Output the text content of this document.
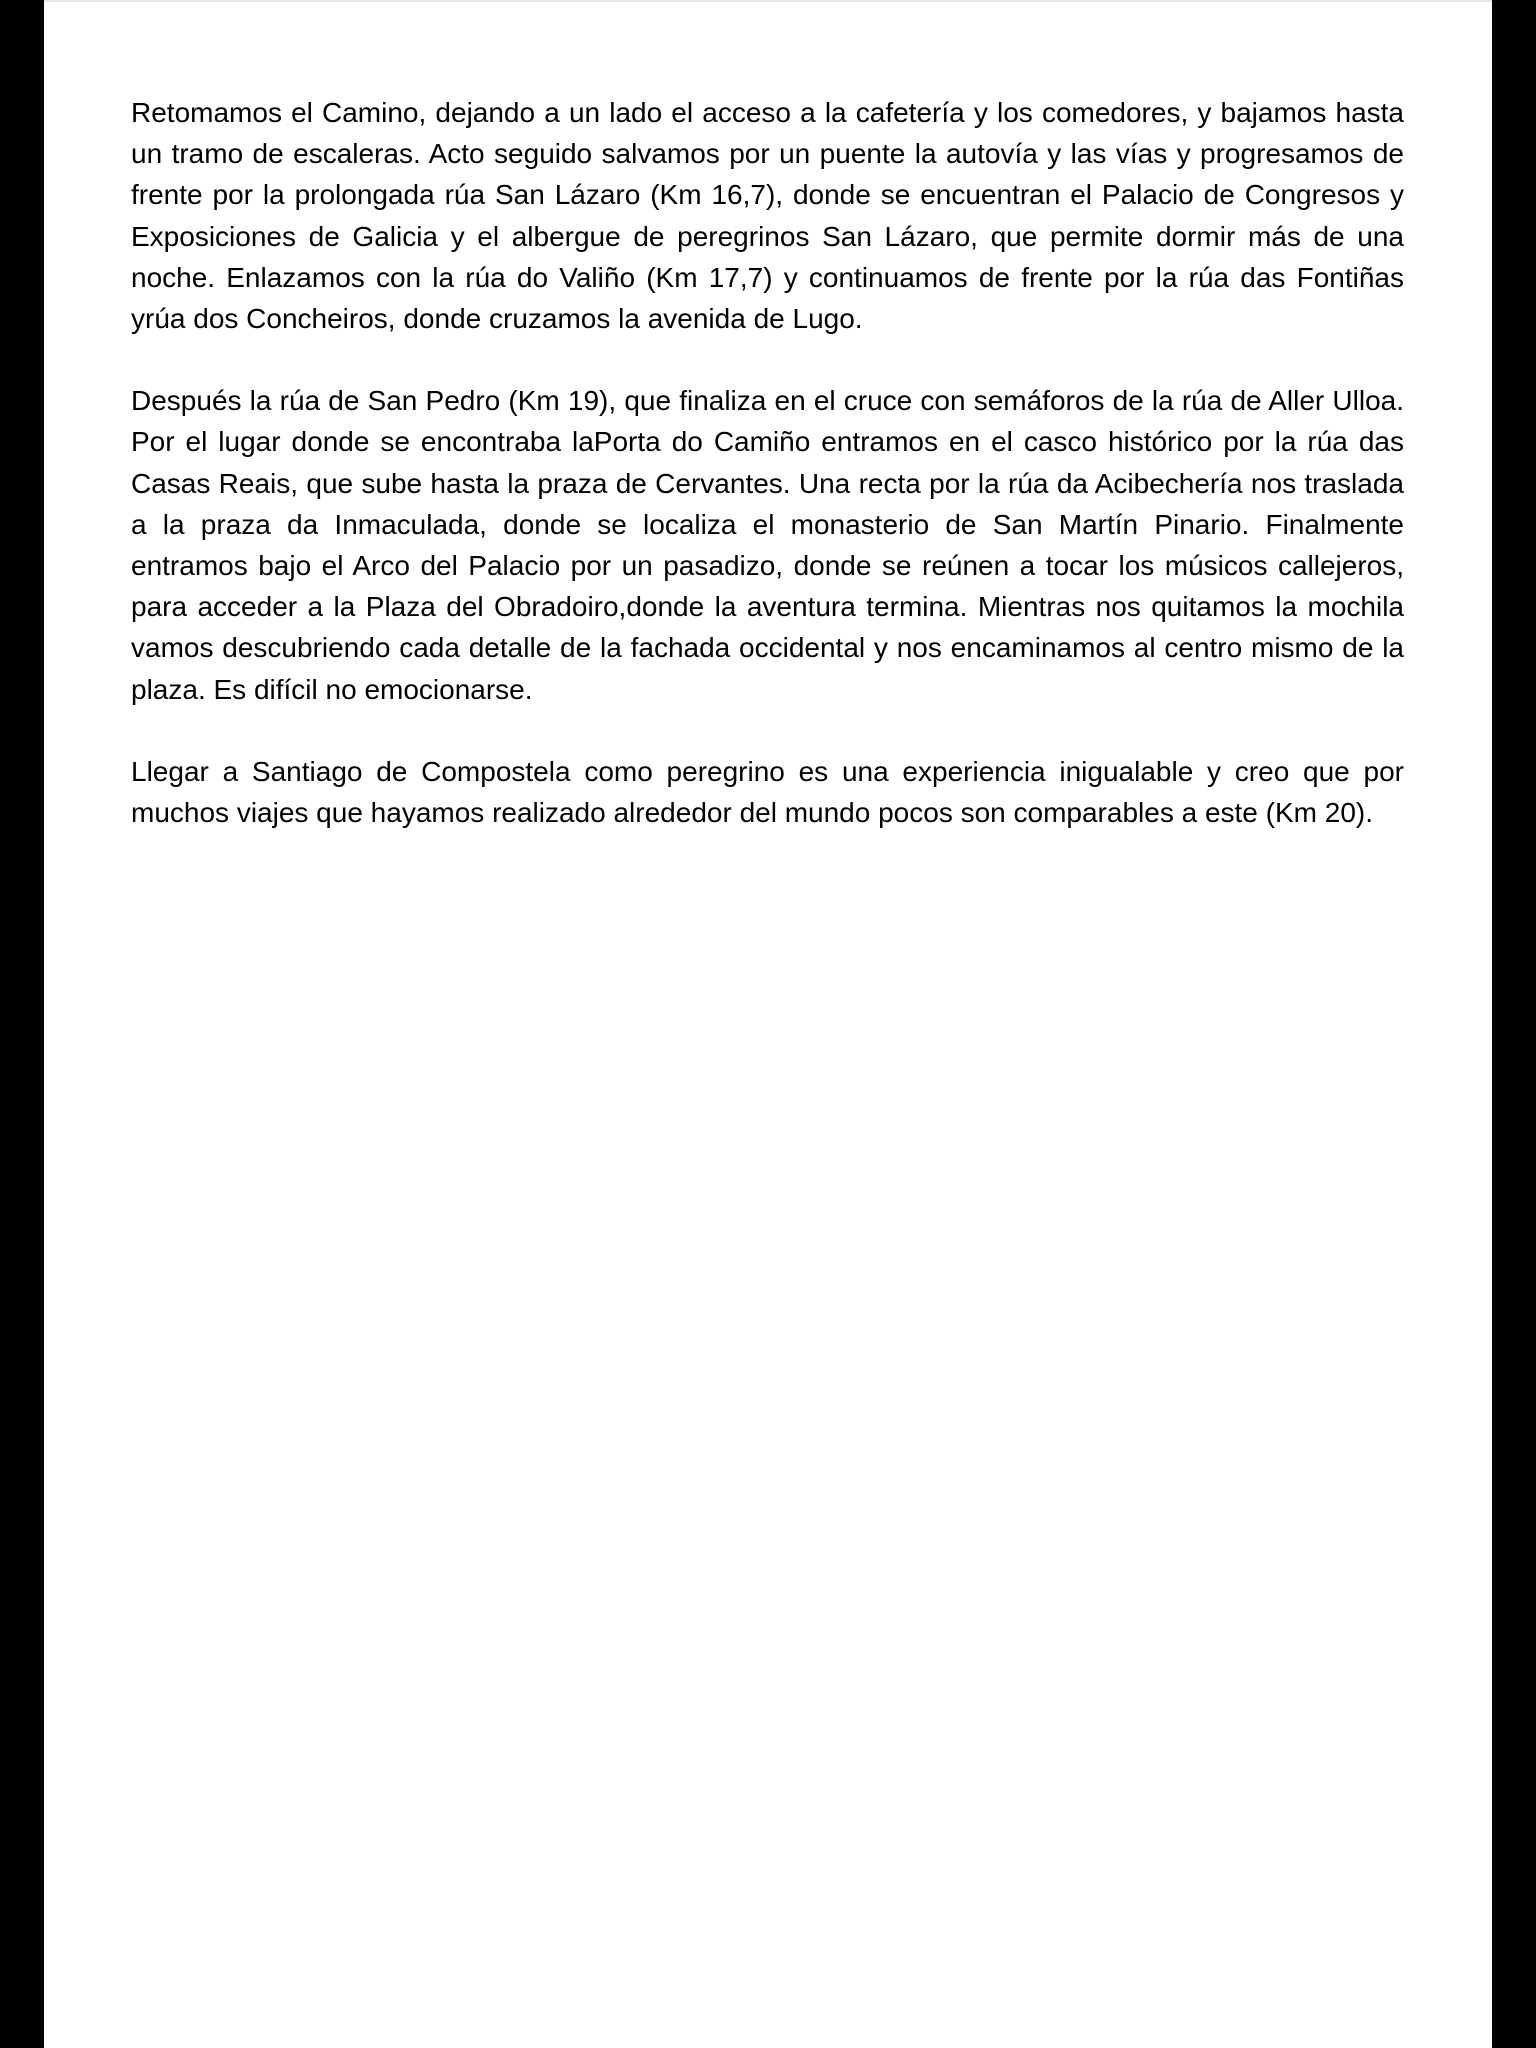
Retomamos el Camino, dejando a un lado el acceso a la cafetería y los comedores, y bajamos hasta un tramo de escaleras. Acto seguido salvamos por un puente la autovía y las vías y progresamos de frente por la prolongada rúa San Lázaro (Km 16,7), donde se encuentran el Palacio de Congresos y Exposiciones de Galicia y el albergue de peregrinos San Lázaro, que permite dormir más de una noche. Enlazamos con la rúa do Valiño (Km 17,7) y continuamos de frente por la rúa das Fontiñas yrúa dos Concheiros, donde cruzamos la avenida de Lugo.

Después la rúa de San Pedro (Km 19), que finaliza en el cruce con semáforos de la rúa de Aller Ulloa. Por el lugar donde se encontraba laPorta do Camiño entramos en el casco histórico por la rúa das Casas Reais, que sube hasta la praza de Cervantes. Una recta por la rúa da Acibechería nos traslada a la praza da Inmaculada, donde se localiza el monasterio de San Martín Pinario. Finalmente entramos bajo el Arco del Palacio por un pasadizo, donde se reúnen a tocar los músicos callejeros, para acceder a la Plaza del Obradoiro,donde la aventura termina. Mientras nos quitamos la mochila vamos descubriendo cada detalle de la fachada occidental y nos encaminamos al centro mismo de la plaza. Es difícil no emocionarse.

Llegar a Santiago de Compostela como peregrino es una experiencia inigualable y creo que por muchos viajes que hayamos realizado alrededor del mundo pocos son comparables a este (Km 20).
